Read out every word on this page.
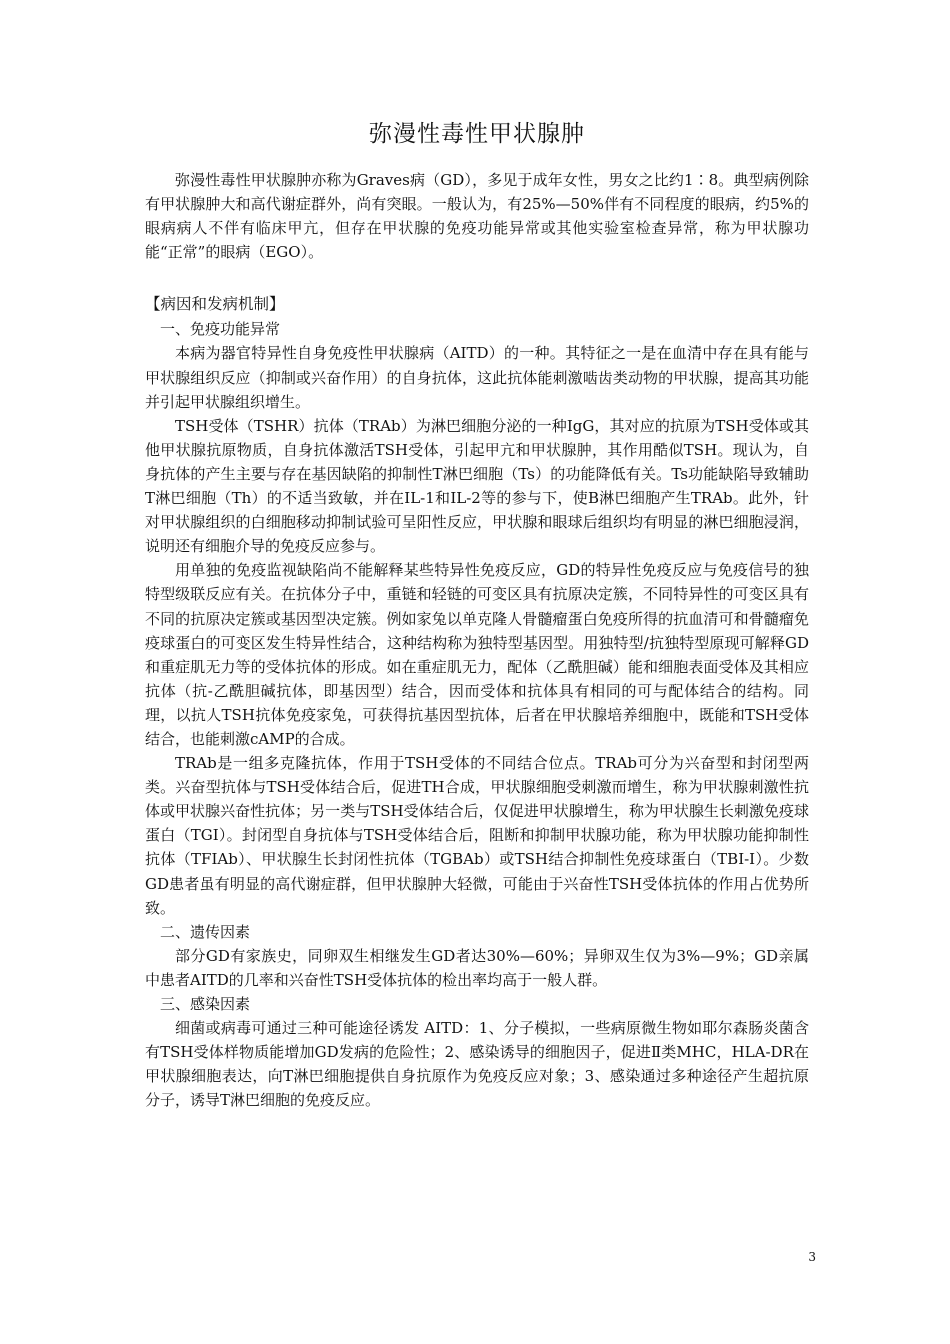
弥漫性毒性甲状腺肿

弥漫性毒性甲状腺肿亦称为Graves病（GD），多见于成年女性，男女之比约1∶8。典型病例除有甲状腺肿大和高代谢症群外，尚有突眼。一般认为，有25%—50%伴有不同程度的眼病，约5%的眼病病人不伴有临床甲亢，但存在甲状腺的免疫功能异常或其他实验室检查异常，称为甲状腺功能“正常”的眼病（EGO）。

【病因和发病机制】

一、免疫功能异常

本病为器官特异性自身免疫性甲状腺病（AITD）的一种。其特征之一是在血清中存在具有能与甲状腺组织反应（抑制或兴奋作用）的自身抗体，这此抗体能刺激啮齿类动物的甲状腺，提高其功能并引起甲状腺组织增生。

TSH受体（TSHR）抗体（TRAb）为淋巴细胞分泌的一种IgG，其对应的抗原为TSH受体或其他甲状腺抗原物质，自身抗体激活TSH受体，引起甲亢和甲状腺肿，其作用酷似TSH。现认为，自身抗体的产生主要与存在基因缺陷的抑制性T淋巴细胞（Ts）的功能降低有关。Ts功能缺陷导致辅助T淋巴细胞（Th）的不适当致敏，并在IL-1和IL-2等的参与下，使B淋巴细胞产生TRAb。此外，针对甲状腺组织的白细胞移动抑制试验可呈阳性反应，甲状腺和眼球后组织均有明显的淋巴细胞浸润，说明还有细胞介导的免疫反应参与。

用单独的免疫监视缺陷尚不能解释某些特异性免疫反应，GD的特异性免疫反应与免疫信号的独特型级联反应有关。在抗体分子中，重链和轻链的可变区具有抗原决定簇，不同特异性的可变区具有不同的抗原决定簇或基因型决定簇。例如家兔以单克隆人骨髓瘤蛋白免疫所得的抗血清可和骨髓瘤免疫球蛋白的可变区发生特异性结合，这种结构称为独特型基因型。用独特型/抗独特型原现可解释GD和重症肌无力等的受体抗体的形成。如在重症肌无力，配体（乙酰胆碱）能和细胞表面受体及其相应抗体（抗-乙酰胆碱抗体，即基因型）结合，因而受体和抗体具有相同的可与配体结合的结构。同理，以抗人TSH抗体免疫家兔，可获得抗基因型抗体，后者在甲状腺培养细胞中，既能和TSH受体结合，也能刺激cAMP的合成。

TRAb是一组多克隆抗体，作用于TSH受体的不同结合位点。TRAb可分为兴奋型和封闭型两类。兴奋型抗体与TSH受体结合后，促进TH合成，甲状腺细胞受刺激而增生，称为甲状腺刺激性抗体或甲状腺兴奋性抗体；另一类与TSH受体结合后，仅促进甲状腺增生，称为甲状腺生长刺激免疫球蛋白（TGI）。封闭型自身抗体与TSH受体结合后，阻断和抑制甲状腺功能，称为甲状腺功能抑制性抗体（TFIAb）、甲状腺生长封闭性抗体（TGBAb）或TSH结合抑制性免疫球蛋白（TBI-I）。少数GD患者虽有明显的高代谢症群，但甲状腺肿大轻微，可能由于兴奋性TSH受体抗体的作用占优势所致。

二、遗传因素

部分GD有家族史，同卵双生相继发生GD者达30%—60%；异卵双生仅为3%—9%；GD亲属中患者AITD的几率和兴奋性TSH受体抗体的检出率均高于一般人群。

三、感染因素

细菌或病毒可通过三种可能途径诱发 AITD：1、分子模拟，一些病原微生物如耶尔森肠炎菌含有TSH受体样物质能增加GD发病的危险性；2、感染诱导的细胞因子，促进Ⅱ类MHC，HLA-DR在甲状腺细胞表达，向T淋巴细胞提供自身抗原作为免疫反应对象；3、感染通过多种途径产生超抗原分子，诱导T淋巴细胞的免疫反应。

3
